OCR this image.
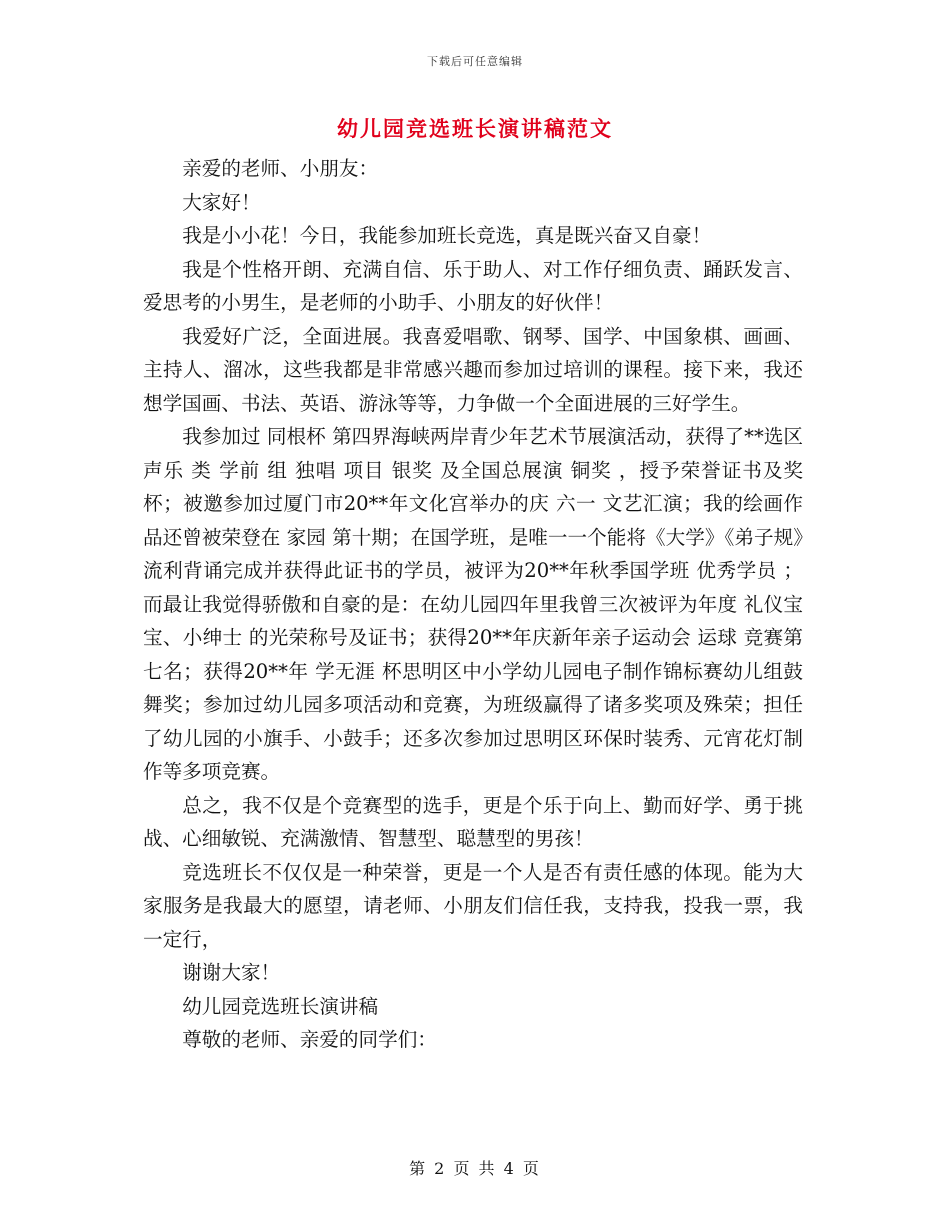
下载后可任意编辑
幼儿园竞选班长演讲稿范文

亲爱的老师、小朋友：

大家好！

我是小小花！今日，我能参加班长竞选，真是既兴奋又自豪！

我是个性格开朗、充满自信、乐于助人、对工作仔细负责、踊跃发言、爱思考的小男生，是老师的小助手、小朋友的好伙伴！

我爱好广泛，全面进展。我喜爱唱歌、钢琴、国学、中国象棋、画画、主持人、溜冰，这些我都是非常感兴趣而参加过培训的课程。接下来，我还想学国画、书法、英语、游泳等等，力争做一个全面进展的三好学生。

我参加过 同根杯 第四界海峡两岸青少年艺术节展演活动，获得了**选区 声乐 类 学前 组 独唱 项目 银奖 及全国总展演 铜奖 ，授予荣誉证书及奖杯；被邀参加过厦门市20**年文化宫举办的庆 六一 文艺汇演；我的绘画作品还曾被荣登在 家园 第十期；在国学班，是唯一一个能将《大学》《弟子规》流利背诵完成并获得此证书的学员，被评为20**年秋季国学班 优秀学员 ；而最让我觉得骄傲和自豪的是：在幼儿园四年里我曾三次被评为年度 礼仪宝宝、小绅士 的光荣称号及证书；获得20**年庆新年亲子运动会 运球 竞赛第七名；获得20**年 学无涯 杯思明区中小学幼儿园电子制作锦标赛幼儿组鼓舞奖；参加过幼儿园多项活动和竞赛，为班级赢得了诸多奖项及殊荣；担任了幼儿园的小旗手、小鼓手；还多次参加过思明区环保时装秀、元宵花灯制作等多项竞赛。

总之，我不仅是个竞赛型的选手，更是个乐于向上、勤而好学、勇于挑战、心细敏锐、充满激情、智慧型、聪慧型的男孩！

竞选班长不仅仅是一种荣誉，更是一个人是否有责任感的体现。能为大家服务是我最大的愿望，请老师、小朋友们信任我，支持我，投我一票，我一定行，

谢谢大家！

幼儿园竞选班长演讲稿

尊敬的老师、亲爱的同学们：

第 2 页 共 4 页
